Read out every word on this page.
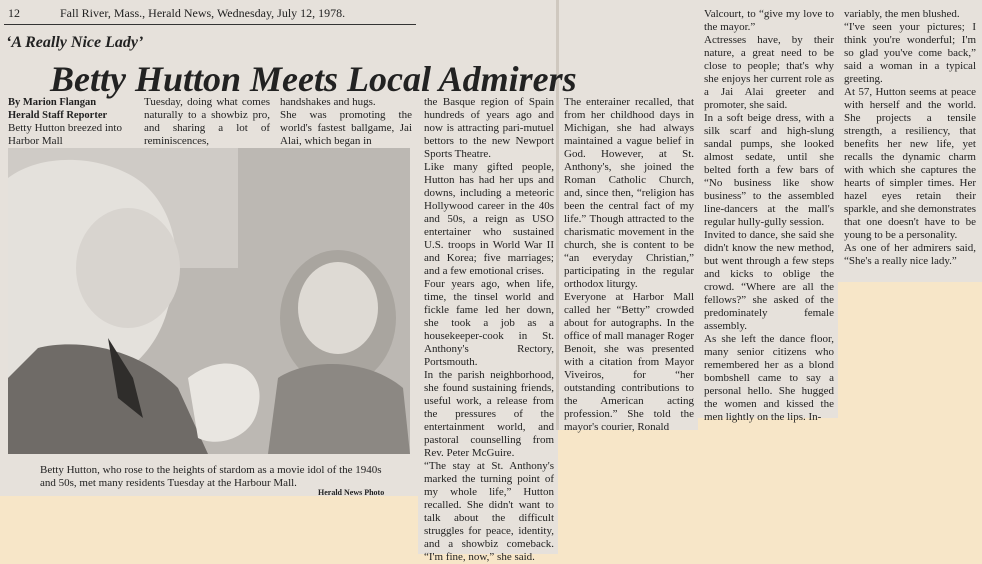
12	Fall River, Mass., Herald News, Wednesday, July 12, 1978.
‘A Really Nice Lady’
Betty Hutton Meets Local Admirers
By Marion Flangan
Herald Staff Reporter
Betty Hutton breezed into Harbor Mall
Tuesday, doing what comes naturally to a showbiz pro, and sharing a lot of reminiscences,
handshakes and hugs.
She was promoting the world's fastest ballgame, Jai Alai, which began in
the Basque region of Spain hundreds of years ago and now is attracting pari-mutuel bettors to the new Newport Sports Theatre.
Like many gifted people, Hutton has had her ups and downs, including a meteoric Hollywood career in the 40s and 50s, a reign as USO entertainer who sustained U.S. troops in World War II and Korea; five marriages; and a few emotional crises.
Four years ago, when life, time, the tinsel world and fickle fame led her down, she took a job as a housekeeper-cook in St. Anthony's Rectory, Portsmouth.
In the parish neighborhood, she found sustaining friends, useful work, a release from the pressures of the entertainment world, and pastoral counselling from Rev. Peter McGuire.
“The stay at St. Anthony's marked the turning point of my whole life,” Hutton recalled. She didn't want to talk about the difficult struggles for peace, identity, and a showbiz comeback. “I'm fine, now,” she said.
The enterainer recalled, that from her childhood days in Michigan, she had always maintained a vague belief in God. However, at St. Anthony's, she joined the Roman Catholic Church, and, since then, “religion has been the central fact of my life.” Though attracted to the charismatic movement in the church, she is content to be “an everyday Christian,” participating in the regular orthodox liturgy.
Everyone at Harbor Mall called her “Betty” crowded about for autographs. In the office of mall manager Roger Benoit, she was presented with a citation from Mayor Viveiros, for “her outstanding contributions to the American acting profession.” She told the mayor's courier, Ronald
Valcourt, to “give my love to the mayor.”
Actresses have, by their nature, a great need to be close to people; that's why she enjoys her current role as a Jai Alai greeter and promoter, she said.
In a soft beige dress, with a silk scarf and high-slung sandal pumps, she looked almost sedate, until she belted forth a few bars of “No business like show business” to the assembled line-dancers at the mall's regular hully-gully session.
Invited to dance, she said she didn't know the new method, but went through a few steps and kicks to oblige the crowd. “Where are all the fellows?” she asked of the predominately female assembly.
As she left the dance floor, many senior citizens who remembered her as a blond bombshell came to say a personal hello. She hugged the women and kissed the men lightly on the lips. In-
variably, the men blushed.
“I've seen your pictures; I think you're wonderful; I'm so glad you've come back,” said a woman in a typical greeting.
At 57, Hutton seems at peace with herself and the world. She projects a tensile strength, a resiliency, that benefits her new life, yet recalls the dynamic charm with which she captures the hearts of simpler times. Her hazel eyes retain their sparkle, and she demonstrates that one doesn't have to be young to be a personality.
As one of her admirers said, “She's a really nice lady.”
Betty Hutton, who rose to the heights of stardom as a movie idol of the 1940s and 50s, met many residents Tuesday at the Harbour Mall.
Herald News Photo
